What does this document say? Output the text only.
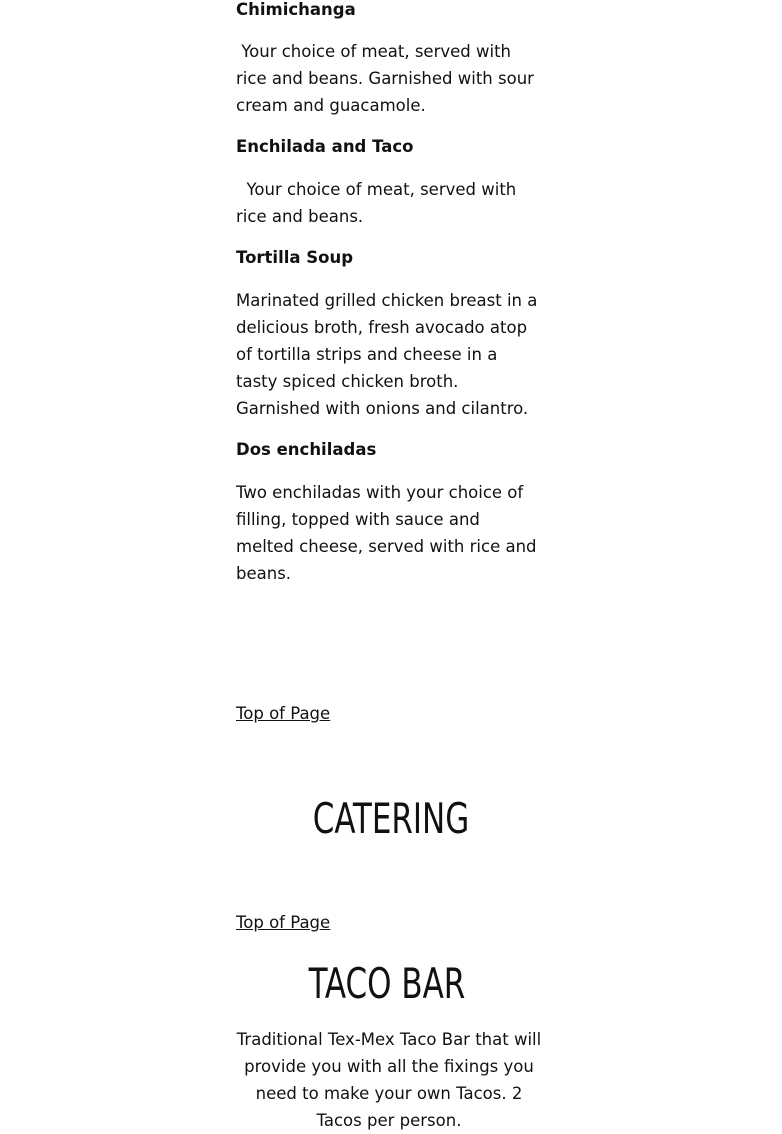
Chimichanga

Your choice of meat, served with rice and beans. Garnished with sour cream and guacamole.

Enchilada and Taco

Your choice of meat, served with rice and beans.

Tortilla Soup

Marinated grilled chicken breast in a delicious broth, fresh avocado atop of tortilla strips and cheese in a tasty spiced chicken broth. Garnished with onions and cilantro.

Dos enchiladas

Two enchiladas with your choice of filling, topped with sauce and melted cheese, served with rice and beans.

Top of Page
CATERING
Top of Page
TACO BAR

Traditional Tex-Mex Taco Bar that will provide you with all the fixings you need to make your own Tacos. 2 Tacos per person.
